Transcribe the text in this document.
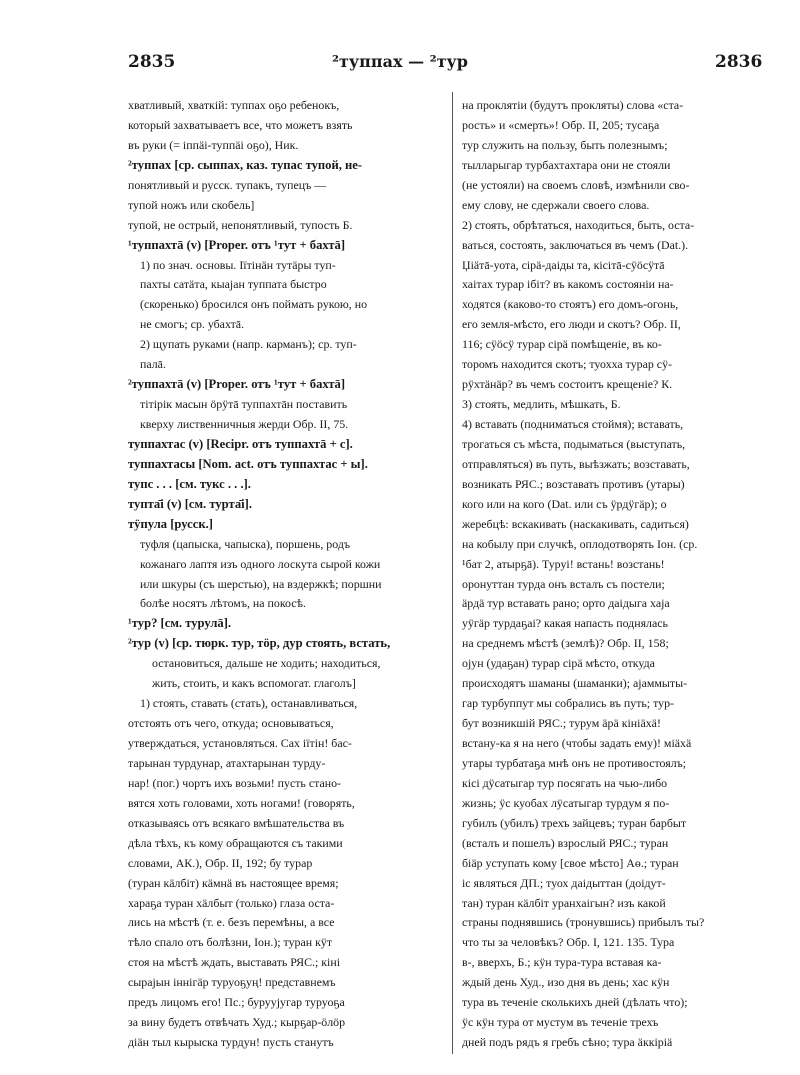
2835	²туппах — ²тур	2836
хватливый, хваткій: туппах оҕо ребенокъ,
который захватываетъ все, что можетъ взять
въ руки (= іппäі-туппäі оҕо), Ник.
²туппах [ср. сыппах, каз. тупас тупой, не-
понятливый и русск. тупакъ, тупецъ —
тупой ножъ или скобель]
тупой, не острый, непонятливый, тупость Б.
¹туппахтā (v) [Proper. отъ ¹тут + бахтā]
1) по знач. основы. Іїтінäн тутäры туп-
пахты сатäта, кыаjан туппата быстро
(скоренько) бросился онъ поймать рукою, но
не смогъ; ср. убахтā.
2) щупать руками (напр. карманъ); ср. туп-
палā.
²туппахтā (v) [Proper. отъ ¹тут + бахтā]
тітірік масын öрÿтā туппахтāн поставить
кверху лиственничныя жерди Обр. II, 75.
туппахтас (v) [Recipr. отъ туппахтā + с].
туппахтасы [Nom. act. отъ туппахтас + ы].
тупс . . . [см. тукс . . .].
тупта̄і (v) [см. турта̄і].
тÿпула [русск.]
туфля (цапыска, чапыска), поршень, родъ
кожанаго лаптя изъ одного лоскута сырой кожи
или шкуры (съ шерстью), на вздержкѣ; поршни
болѣе носятъ лѣтомъ, на покосѣ.
¹тур? [см. турулā].
²тур (v) [ср. тюрк. тур, тöр, дур стоять, встать,
остановиться, дальше не ходить; находиться,
жить, стоить, и какъ вспомогат. глаголъ]
1) стоять, ставать (стать), останавливаться,
отстоять отъ чего, откуда; основываться,
утверждаться, установляться. Сах іїтін! бас-
тарынан турдунар, атахтарынан турду-
нар! (пог.) чортъ ихъ возьми! пусть стано-
вятся хоть головами, хоть ногами! (говорять,
отказываясь отъ всякаго вмѣшательства въ
дѣла тѣхъ, къ кому обращаются съ такими
словами, АК.), Обр. II, 192; бу турар
(туран кäлбіт) кäмнä въ настоящее время;
хараҕа туран хäлбыт (только) глаза оста-
лись на мѣстѣ (т. е. безъ перемѣны, а все
тѣло спало отъ болѣзни, Іон.); туран кÿт
стоя на мѣстѣ ждать, выставать РЯС.; кіні
сыраjын іннігäр туруоҕуң! представнемъ
предъ лицомъ его! Пс.; бурууjугар туруоҕа
за вину будетъ отвѣчать Худ.; кырҕар-öлöр
діäн тыл кырыска турдун! пусть станутъ
на проклятіи (будутъ прокляты) слова «ста-
рость» и «смерть»! Обр. II, 205; тусаҕа
тур служить на пользу, быть полезнымъ;
тылларыгар турбахтахтара они не стояли
(не устояли) на своемъ словѣ, измѣнили сво-
ему слову, не сдержали своего слова.
2) стоять, обрѣтаться, находиться, быть, оста-
ваться, состоять, заключаться въ чемъ (Dat.).
Џіäтā-уота, сірä-даіды та, кісітā-сÿöсÿтā
хаітах турар ібіт? въ какомъ состояніи на-
ходятся (каково-то стоятъ) его домъ-огонь,
его земля-мѣсто, его люди и скотъ? Обр. II,
116; сÿöсÿ турар сірä помѣщеніе, въ ко-
торомъ находится скотъ; туохха турар сÿ-
рÿхтäнäр? въ чемъ состоитъ крещеніе? К.
3) стоять, медлить, мѣшкать, Б.
4) вставать (подниматься стоймя); вставать,
трогаться съ мѣста, подыматься (выступать,
отправляться) въ путь, выѣзжать; возставать,
возникать РЯС.; возставать противъ (утары)
кого или на кого (Dat. или съ ÿрдÿгäр); о
жеребцѣ: вскакивать (наскакивать, садиться)
на кобылу при случкѣ, оплодотворять Іон. (ср.
¹бат 2, атырҕā). Туруі! встань! возстань!
оронуттан турда онъ всталъ съ постели;
äрдä тур вставать рано; орто даідыга хаjа
уÿгäр турдаҕаі? какая напасть поднялась
на среднемъ мѣстѣ (землѣ)? Обр. II, 158;
оjун (удаҕан) турар сірä мѣсто, откуда
происходятъ шаманы (шаманки); аjаммыты-
гар турбуппут мы собрались въ путь; тур-
бут возникшій РЯС.; турум äрä кініäхä!
встану-ка я на него (чтобы задать ему)! міäхä
утары турбатаҕа мнѣ онъ не противостоялъ;
кісі дÿсатыгар тур посягать на чью-либо
жизнь; ÿс куобах лÿсатыгар турдум я по-
губилъ (убилъ) трехъ зайцевъ; туран барбыт
(всталъ и пошелъ) взрослый РЯС.; туран
біäр уступать кому [свое мѣсто] Аө.; туран
іс являться ДП.; туох даідыттан (доідут-
тан) туран кäлбіт уранхаігын? изъ какой
страны поднявшись (тронувшись) прибылъ ты?
что ты за человѣкъ? Обр. I, 121. 135. Тура
в-, вверхъ, Б.; кÿн тура-тура вставая ка-
ждый день Худ., изо дня въ день; хас кÿн
тура въ теченіе сколькихъ дней (дѣлать что);
ÿс кÿн тура от мустум въ теченіе трехъ
дней подъ рядъ я гребъ сѣно; тура äккіріä
